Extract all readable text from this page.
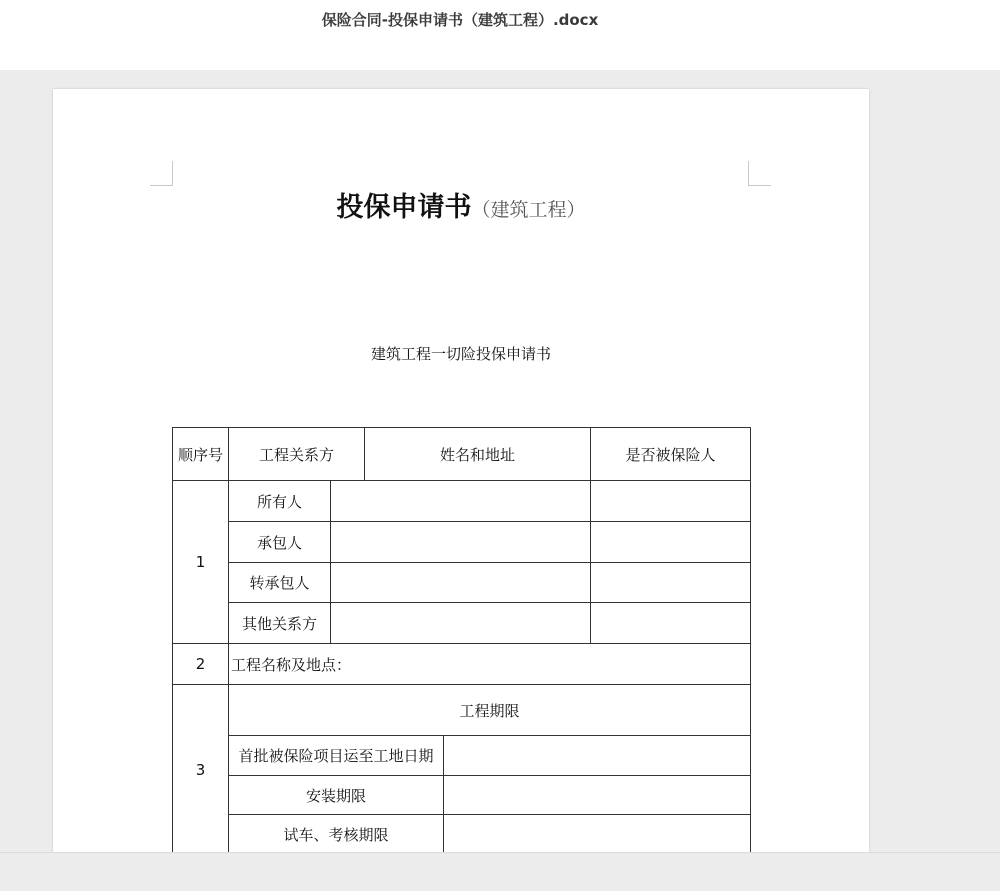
保险合同-投保申请书（建筑工程）.docx
投保申请书（建筑工程）
建筑工程一切险投保申请书
顺序号	工程关系方		姓名和地址		是否被保险人
1	所有人				
	承包人				
	转承包人				
	其他关系方				
2	工程名称及地点：				
3	工程期限				
	首批被保险项目运至工地日期				
	安装期限				
	试车、考核期限				
